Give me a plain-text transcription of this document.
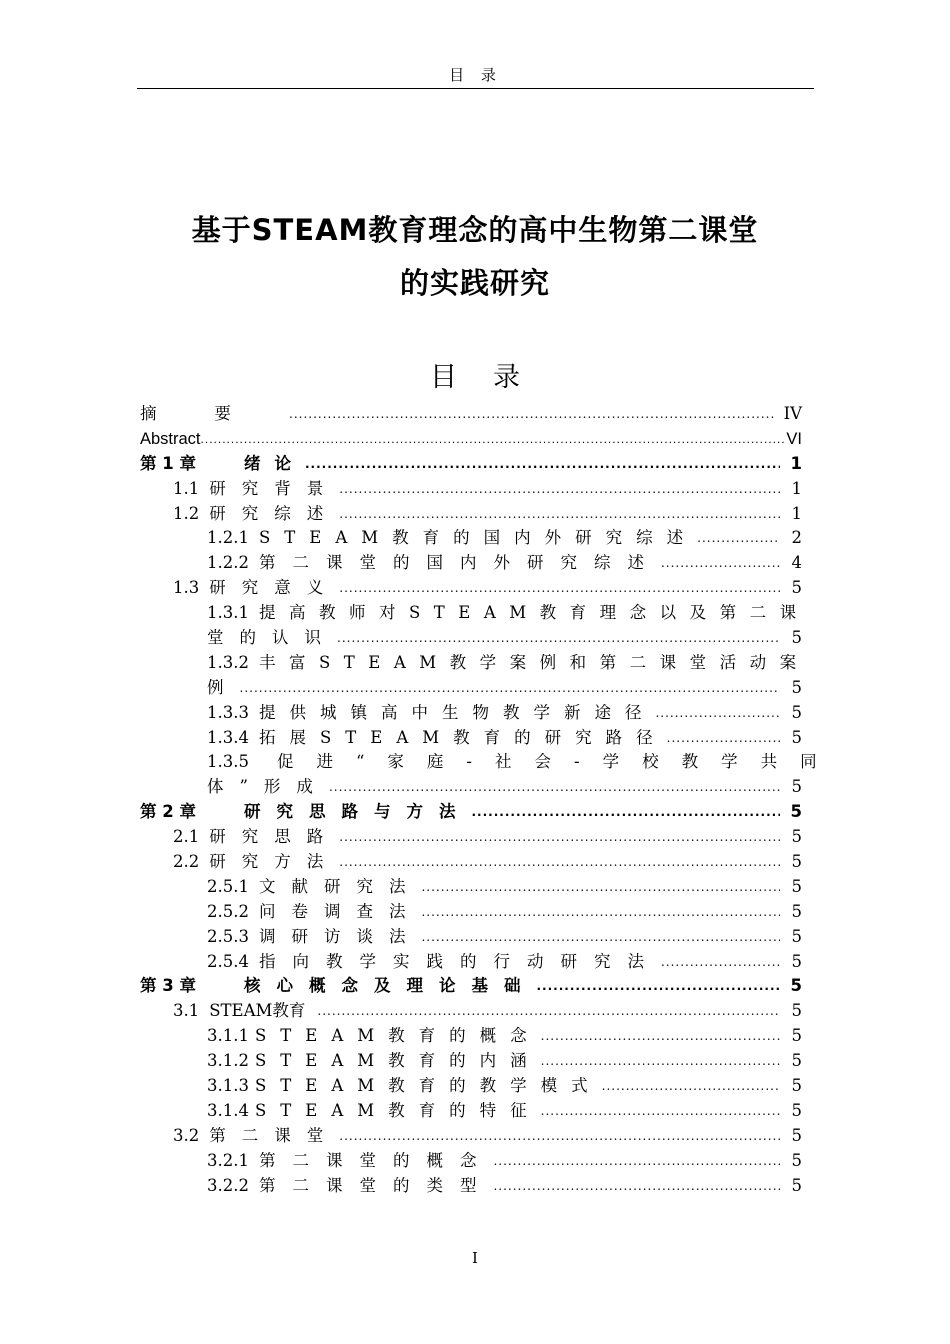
目 录
基于STEAM教育理念的高中生物第二课堂
的实践研究
目 录
摘要 .....	IV
Abstract .....	VI
第 1 章	绪论 .....	1
1.1 研究背景 .....	1
1.2 研究综述 .....	1
1.2.1 STEAM教育的国内外研究综述 .....	2
1.2.2 第二课堂的国内外研究综述 .....	4
1.3 研究意义 .....	5
1.3.1 提高教师对STEAM教育理念以及第二课
堂的认识 .....	5
1.3.2 丰富STEAM教学案例和第二课堂活动案
例 .....	5
1.3.3 提供城镇高中生物教学新途径 .....	5
1.3.4 拓展STEAM教育的研究路径 .....	5
1.3.5 促进“家庭-社会-学校教学共同
体”形成 .....	5
第 2 章	研究思路与方法 .....	5
2.1 研究思路 .....	5
2.2 研究方法 .....	5
2.5.1 文献研究法 .....	5
2.5.2 问卷调查法 .....	5
2.5.3 调研访谈法 .....	5
2.5.4 指向教学实践的行动研究法 .....	5
第 3 章	核心概念及理论基础 .....	5
3.1 STEAM教育 .....	5
3.1.1 STEAM教育的概念 .....	5
3.1.2 STEAM教育的内涵 .....	5
3.1.3 STEAM教育的教学模式 .....	5
3.1.4 STEAM教育的特征 .....	5
3.2 第二课堂 .....	5
3.2.1 第二课堂的概念 .....	5
3.2.2 第二课堂的类型 .....	5
I
